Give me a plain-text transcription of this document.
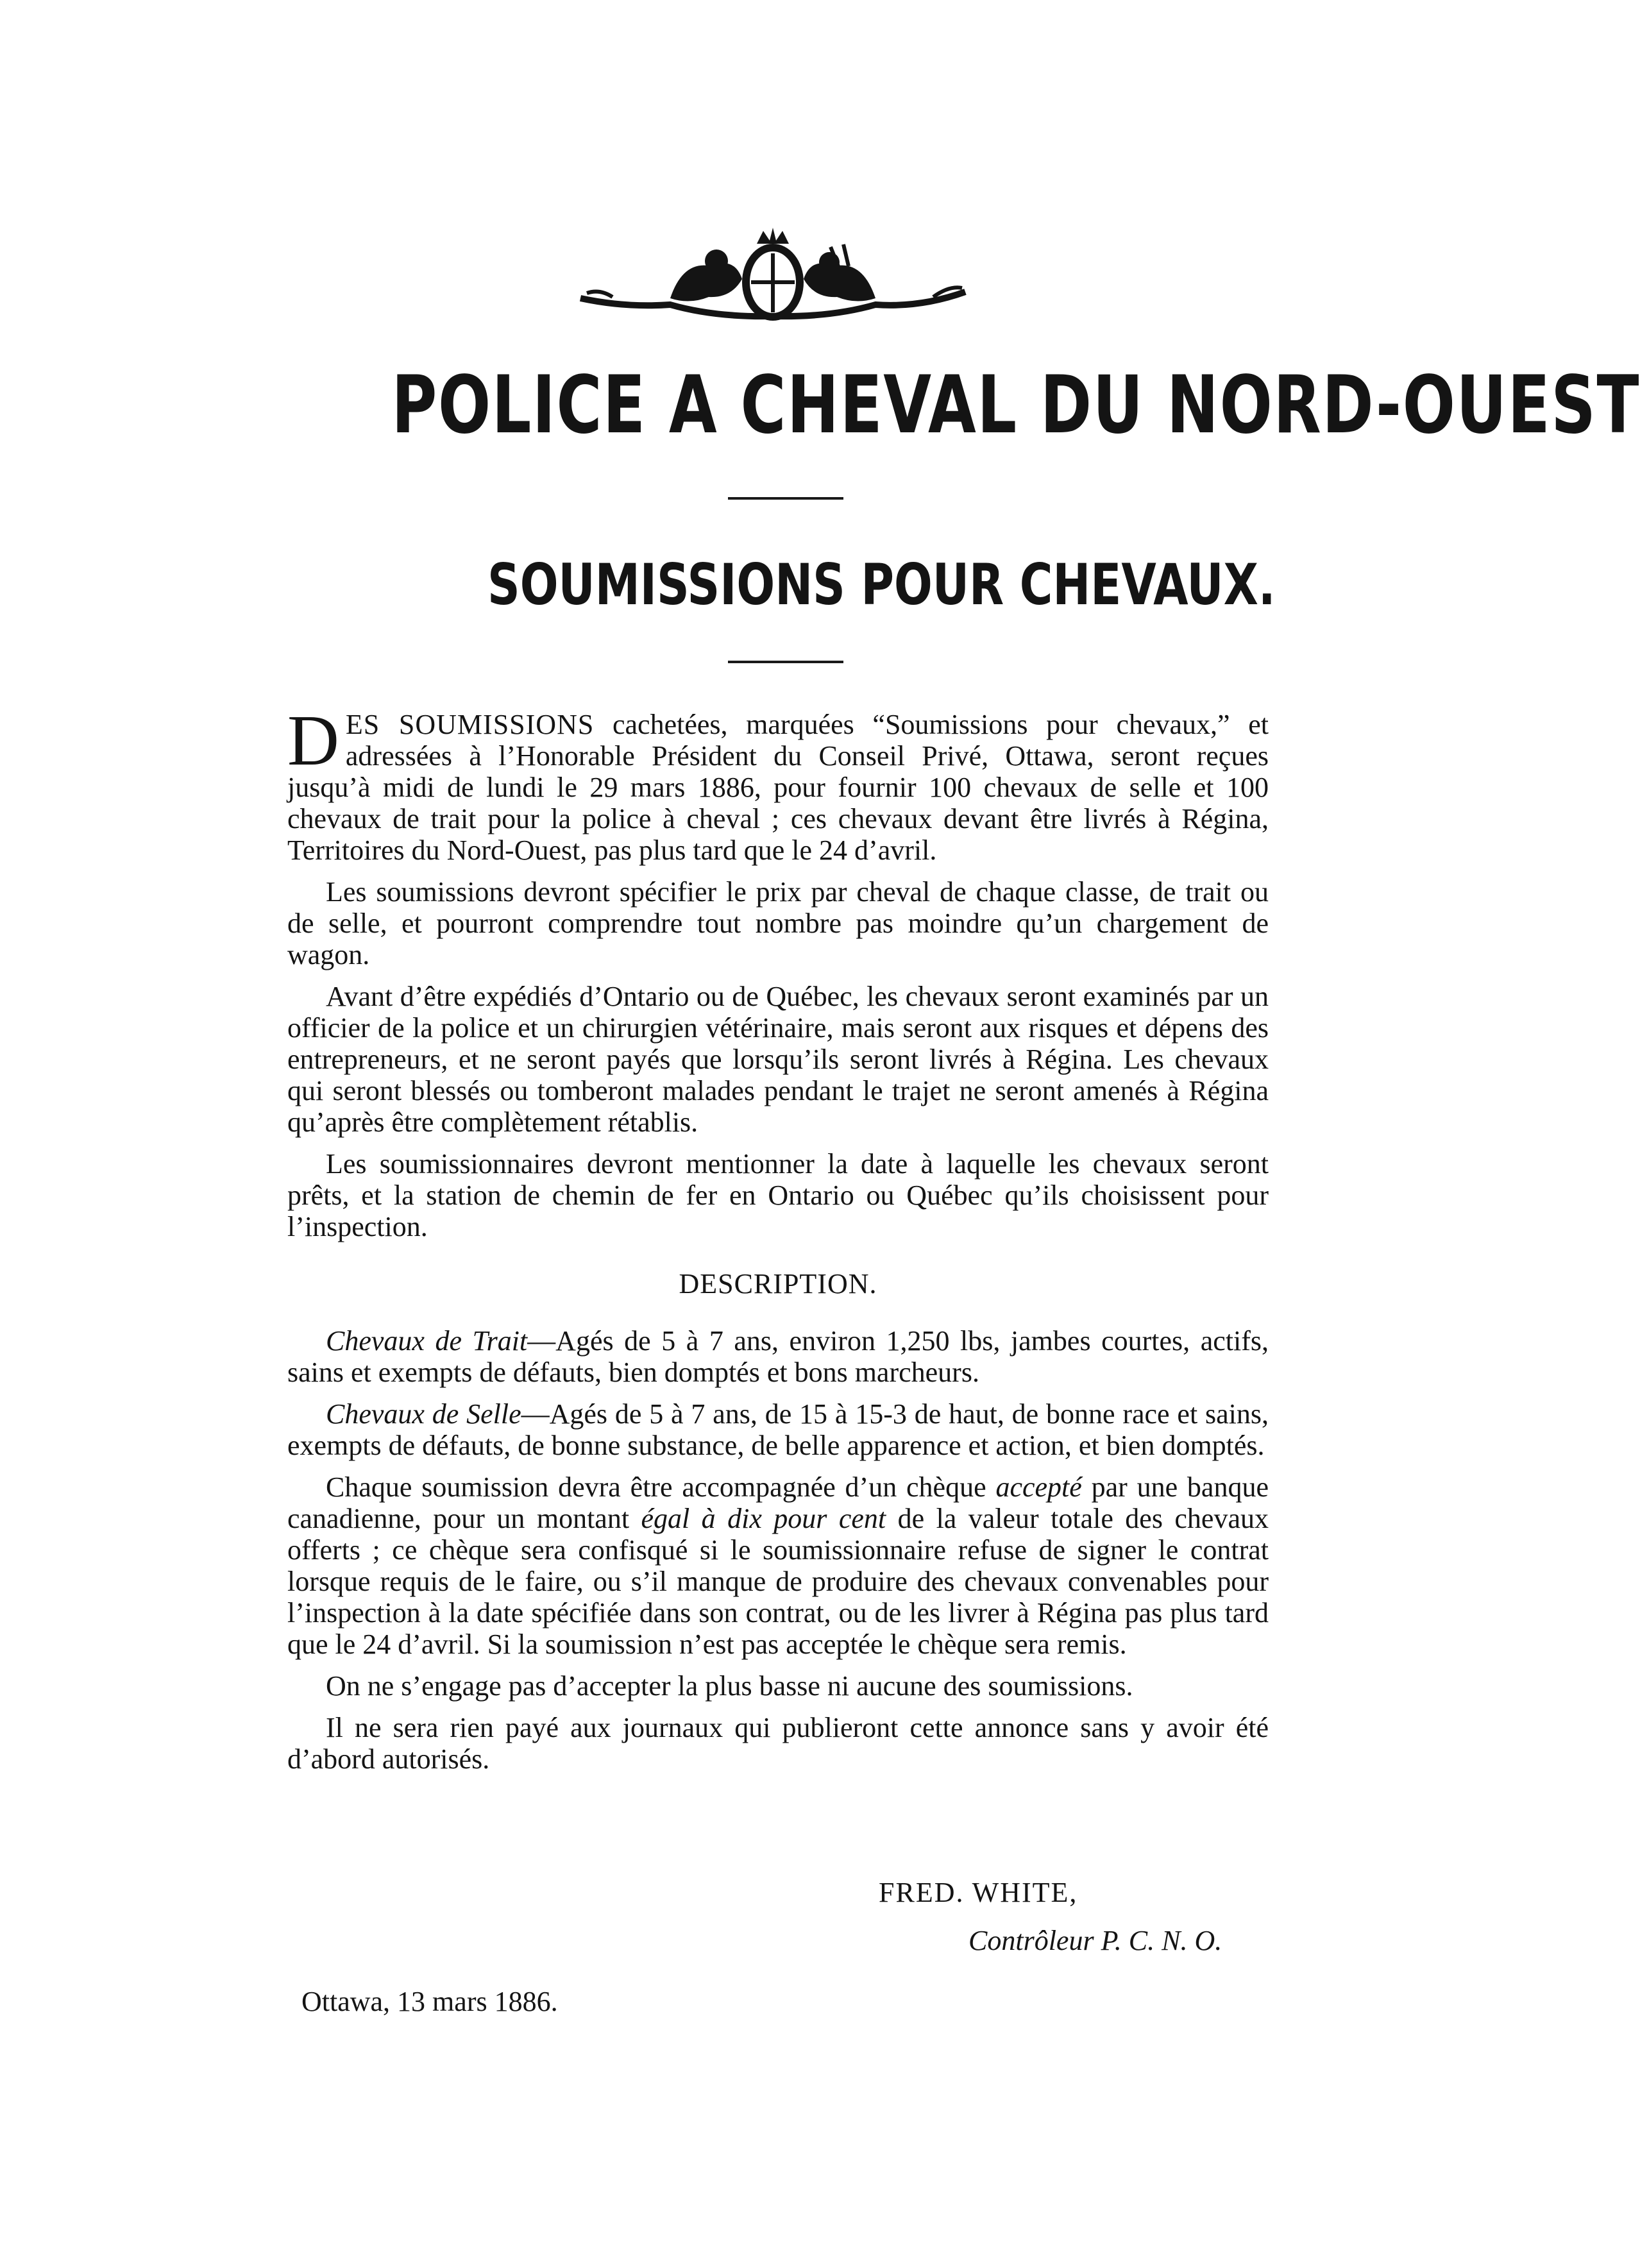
POLICE A CHEVAL DU NORD-OUEST
SOUMISSIONS POUR CHEVAUX.

DES SOUMISSIONS cachetées, marquées “Soumissions pour chevaux,” et adressées à l’Honorable Président du Conseil Privé, Ottawa, seront reçues jusqu’à midi de lundi le 29 mars 1886, pour fournir 100 chevaux de selle et 100 chevaux de trait pour la police à cheval ; ces chevaux devant être livrés à Régina, Territoires du Nord-Ouest, pas plus tard que le 24 d’avril.

Les soumissions devront spécifier le prix par cheval de chaque classe, de trait ou de selle, et pourront comprendre tout nombre pas moindre qu’un chargement de wagon.

Avant d’être expédiés d’Ontario ou de Québec, les chevaux seront examinés par un officier de la police et un chirurgien vétérinaire, mais seront aux risques et dépens des entrepreneurs, et ne seront payés que lorsqu’ils seront livrés à Régina. Les chevaux qui seront blessés ou tomberont malades pendant le trajet ne seront amenés à Régina qu’après être complètement rétablis.

Les soumissionnaires devront mentionner la date à laquelle les chevaux seront prêts, et la station de chemin de fer en Ontario ou Québec qu’ils choisissent pour l’inspection.

DESCRIPTION.

Chevaux de Trait—Agés de 5 à 7 ans, environ 1,250 lbs, jambes courtes, actifs, sains et exempts de défauts, bien domptés et bons marcheurs.

Chevaux de Selle—Agés de 5 à 7 ans, de 15 à 15-3 de haut, de bonne race et sains, exempts de défauts, de bonne substance, de belle apparence et action, et bien domptés.

Chaque soumission devra être accompagnée d’un chèque accepté par une banque canadienne, pour un montant égal à dix pour cent de la valeur totale des chevaux offerts ; ce chèque sera confisqué si le soumissionnaire refuse de signer le contrat lorsque requis de le faire, ou s’il manque de produire des chevaux convenables pour l’inspection à la date spécifiée dans son contrat, ou de les livrer à Régina pas plus tard que le 24 d’avril. Si la soumission n’est pas acceptée le chèque sera remis.

On ne s’engage pas d’accepter la plus basse ni aucune des soumissions.

Il ne sera rien payé aux journaux qui publieront cette annonce sans y avoir été d’abord autorisés.

FRED. WHITE,
Contrôleur P. C. N. O.
Ottawa, 13 mars 1886.
